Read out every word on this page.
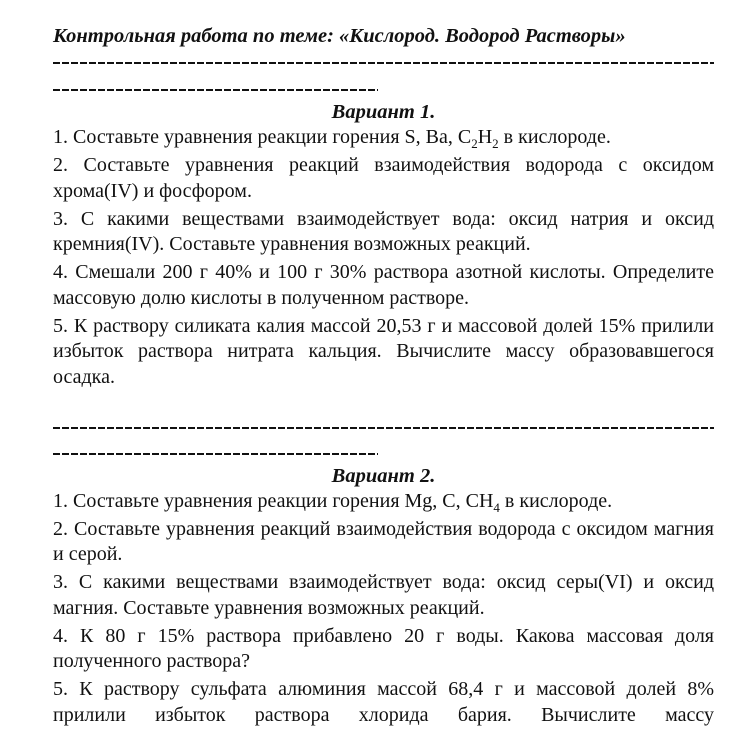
Контрольная работа по теме: «Кислород. Водород Растворы»
Вариант 1.

1. Составьте уравнения реакции горения S, Ba, $C_2H_2$ в кислороде.

2. Составьте уравнения реакций взаимодействия водорода с оксидом хрома(IV) и фосфором.

3. С какими веществами взаимодействует вода: оксид натрия и оксид кремния(IV). Составьте уравнения возможных реакций.

4. Смешали 200 г 40% и 100 г 30% раствора азотной кислоты. Определите массовую долю кислоты в полученном растворе.

5. К раствору силиката калия массой 20,53 г и массовой долей 15% прилили избыток раствора нитрата кальция. Вычислите массу образовавшегося осадка.

Вариант 2.

1. Составьте уравнения реакции горения Mg, C, $CH_4$ в кислороде.

2. Составьте уравнения реакций взаимодействия водорода с оксидом магния и серой.

3. С какими веществами взаимодействует вода: оксид серы(VI) и оксид магния. Составьте уравнения возможных реакций.

4. К 80 г 15% раствора прибавлено 20 г воды. Какова массовая доля полученного раствора?

5. К раствору сульфата алюминия массой 68,4 г и массовой долей 8% прилили избыток раствора хлорида бария. Вычислите массу
